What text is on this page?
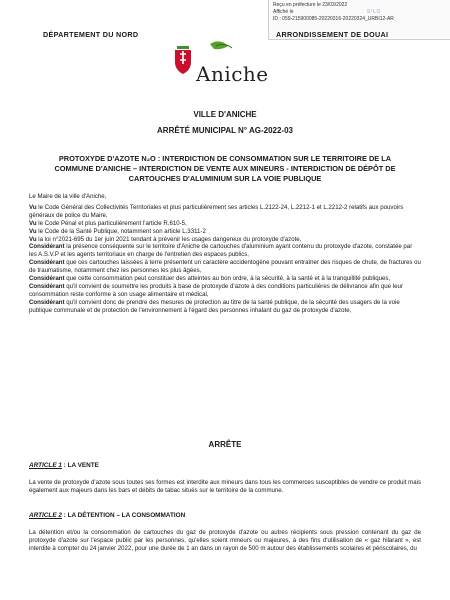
Reçu en préfecture le 23/03/2022
Affiché le	S²LO
ID : 059-215900085-20220316-20220324_URBI12-AR
DÉPARTEMENT DU NORD	ARRONDISSEMENT DE DOUAI
Aniche
VILLE D'ANICHE
ARRÊTÉ MUNICIPAL N° AG-2022-03
PROTOXYDE D'AZOTE N₂O : INTERDICTION DE CONSOMMATION SUR LE TERRITOIRE DE LA COMMUNE D'ANICHE – INTERDICTION DE VENTE AUX MINEURS - INTERDICTION DE DÉPÔT DE CARTOUCHES D'ALUMINIUM SUR LA VOIE PUBLIQUE

Le Maire de la ville d'Aniche,

Vu le Code Général des Collectivités Territoriales et plus particulièrement ses articles L.2122-24, L.2212-1 et L.2212-2 relatifs aux pouvoirs généraux de police du Maire,

Vu le Code Pénal et plus particulièrement l'article R.610-5,

Vu le Code de la Santé Publique, notamment son article L.3311-2

Vu la loi n°2021-695 du 1er juin 2021 tendant à prévenir les usages dangereux du protoxyde d'azote,

Considérant la présence conséquente sur le territoire d'Aniche de cartouches d'aluminium ayant contenu du protoxyde d'azote, constatée par les A.S.V.P et les agents territoriaux en charge de l'entretien des espaces publics,

Considérant que ces cartouches laissées à terre présentent un caractère accidentogène pouvant entraîner des risques de chute, de fractures ou de traumatisme, notamment chez les personnes les plus âgées,

Considérant que cette consommation peut constituer des atteintes au bon ordre, à la sécurité, à la santé et à la tranquillité publiques,

Considérant qu'il convient de soumettre les produits à base de protoxyde d'azote à des conditions particulières de délivrance afin que leur consommation reste conforme à son usage alimentaire et médical,

Considérant qu'il convient donc de prendre des mesures de protection au titre de la santé publique, de la sécurité des usagers de la voie publique communale et de protection de l'environnement à l'égard des personnes inhalant du gaz de protoxyde d'azote,

ARRÊTE
ARTICLE 1 : LA VENTE
La vente de protoxyde d'azote sous toutes ses formes est interdite aux mineurs dans tous les commerces susceptibles de vendre ce produit mais également aux majeurs dans les bars et débits de tabac situés sur le territoire de la commune.
ARTICLE 2 : LA DÉTENTION – LA CONSOMMATION
La détention et/ou la consommation de cartouches du gaz de protoxyde d'azote ou autres récipients sous pression contenant du gaz de protoxyde d'azote sur l'espace public par les personnes, qu'elles soient mineurs ou majeures, à des fins d'utilisation de « gaz hilarant », est interdite à compter du 24 janvier 2022, pour une durée de 1 an dans un rayon de 500 m autour des établissements scolaires et périscolaires, du
